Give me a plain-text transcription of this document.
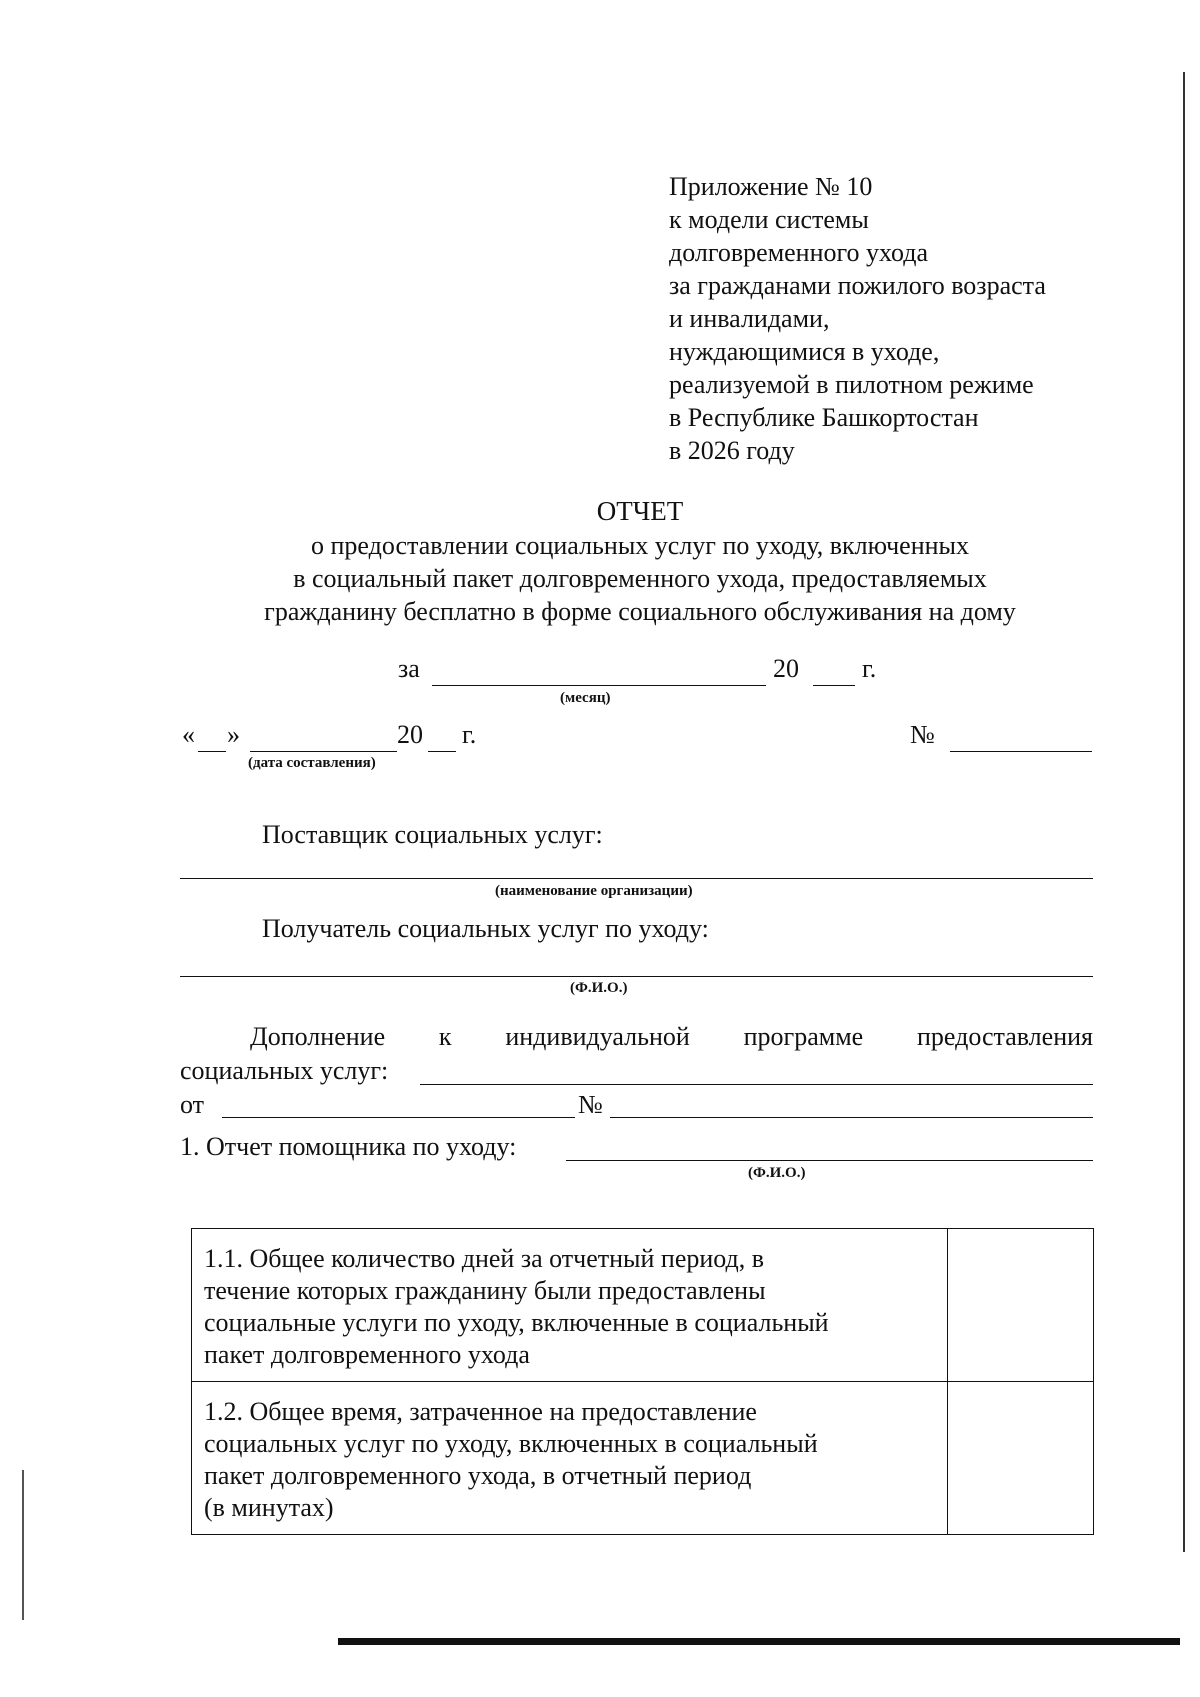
Приложение № 10
к модели системы
долговременного ухода
за гражданами пожилого возраста
и инвалидами,
нуждающимися в уходе,
реализуемой в пилотном режиме
в Республике Башкортостан
в 2026 году
ОТЧЕТ
о предоставлении социальных услуг по уходу, включенных
в социальный пакет долговременного ухода, предоставляемых
гражданину бесплатно в форме социального обслуживания на дому
за
(месяц)
20 г.
« »
(дата составления)
20 г.	№
Поставщик социальных услуг:
(наименование организации)
Получатель социальных услуг по уходу:
(Ф.И.О.)
Дополнение к индивидуальной программе предоставления
социальных услуг:
от	№
1. Отчет помощника по уходу:
(Ф.И.О.)
1.1. Общее количество дней за отчетный период, в
течение которых гражданину были предоставлены
социальные услуги по уходу, включенные в социальный
пакет долговременного ухода	

1.2. Общее время, затраченное на предоставление
социальных услуг по уходу, включенных в социальный
пакет долговременного ухода, в отчетный период
(в минутах)	
